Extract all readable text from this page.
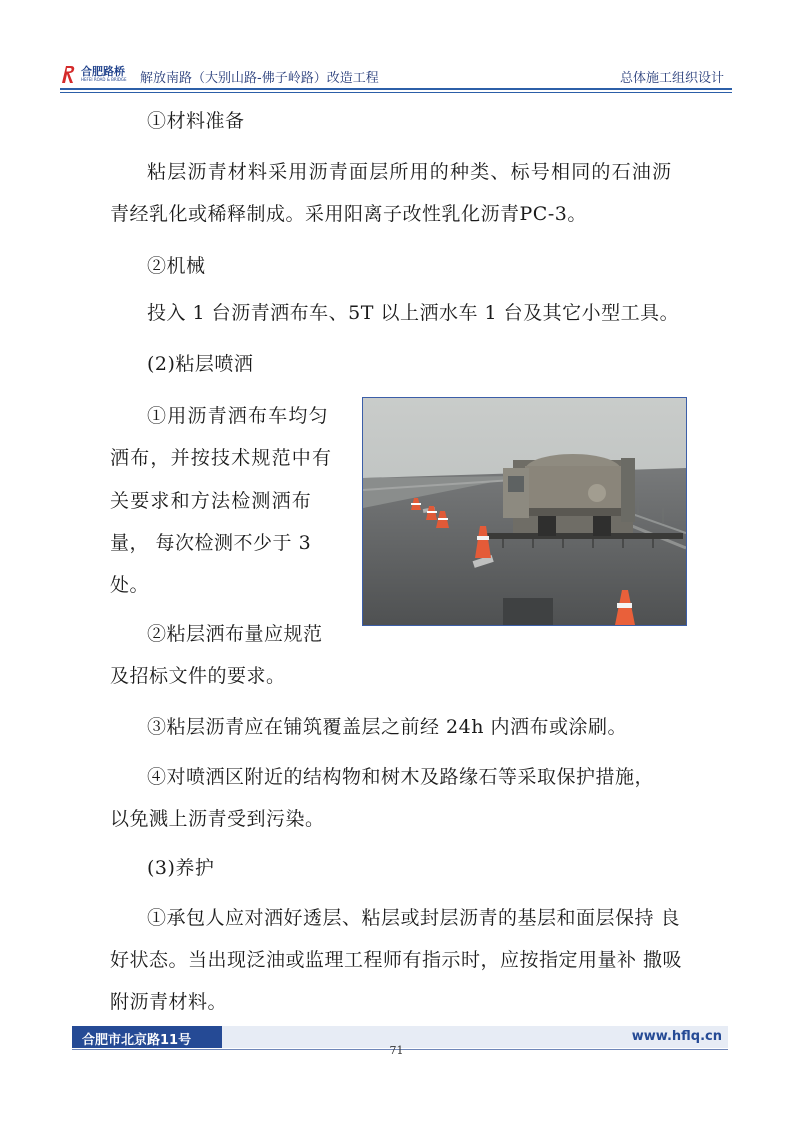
合肥路桥
HEFEI ROAD & BRIDGE 解放南路（大别山路-佛子岭路）改造工程	总体施工组织设计
①材料准备
粘层沥青材料采用沥青面层所用的种类、标号相同的石油沥
青经乳化或稀释制成。采用阳离子改性乳化沥青PC-3。
②机械
投入 1 台沥青洒布车、5T 以上洒水车 1 台及其它小型工具。
(2)粘层喷洒
①用沥青洒布车均匀
洒布，并按技术规范中有
关要求和方法检测洒布
量， 每次检测不少于 3
处。
②粘层洒布量应规范
及招标文件的要求。
③粘层沥青应在铺筑覆盖层之前经 24h 内洒布或涂刷。
④对喷洒区附近的结构物和树木及路缘石等采取保护措施，
以免溅上沥青受到污染。
(3)养护
①承包人应对洒好透层、粘层或封层沥青的基层和面层保持 良
好状态。当出现泛油或监理工程师有指示时，应按指定用量补 撒吸
附沥青材料。
合肥市北京路11号	www.hflq.cn
71
